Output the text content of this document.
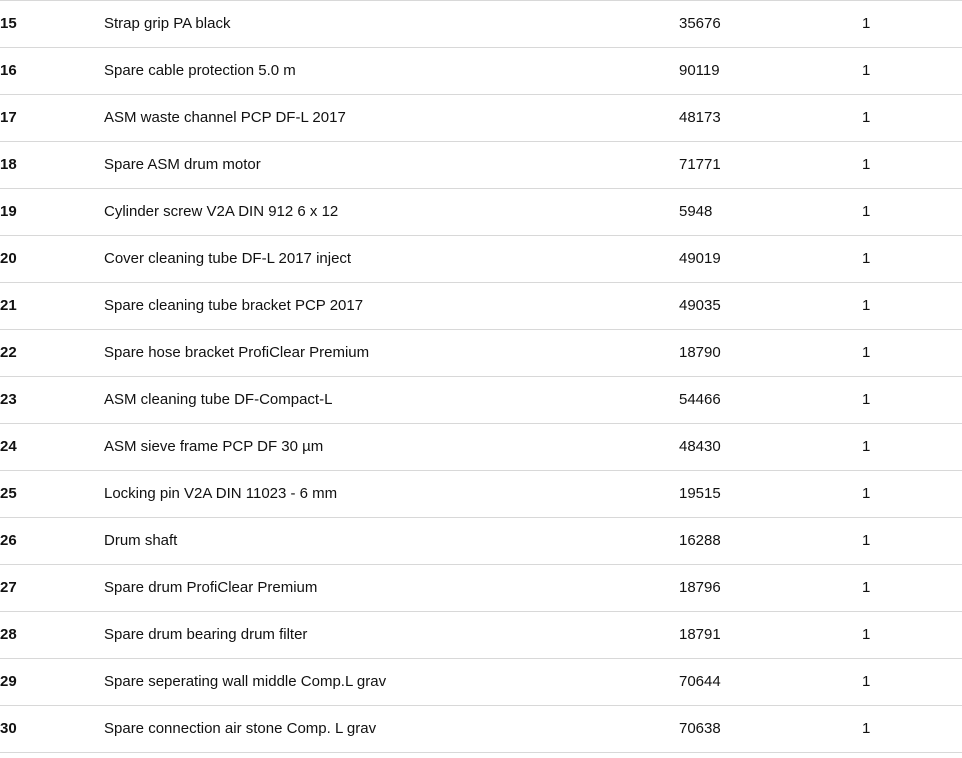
15	Strap grip PA black	35676	1
16	Spare cable protection 5.0 m	90119	1
17	ASM waste channel PCP DF-L 2017	48173	1
18	Spare ASM drum motor	71771	1
19	Cylinder screw V2A DIN 912 6 x 12	5948	1
20	Cover cleaning tube DF-L 2017 inject	49019	1
21	Spare cleaning tube bracket PCP 2017	49035	1
22	Spare hose bracket ProfiClear Premium	18790	1
23	ASM cleaning tube DF-Compact-L	54466	1
24	ASM sieve frame PCP DF 30 µm	48430	1
25	Locking pin V2A DIN 11023 - 6 mm	19515	1
26	Drum shaft	16288	1
27	Spare drum ProfiClear Premium	18796	1
28	Spare drum bearing drum filter	18791	1
29	Spare seperating wall middle Comp.L grav	70644	1
30	Spare connection air stone Comp. L grav	70638	1
